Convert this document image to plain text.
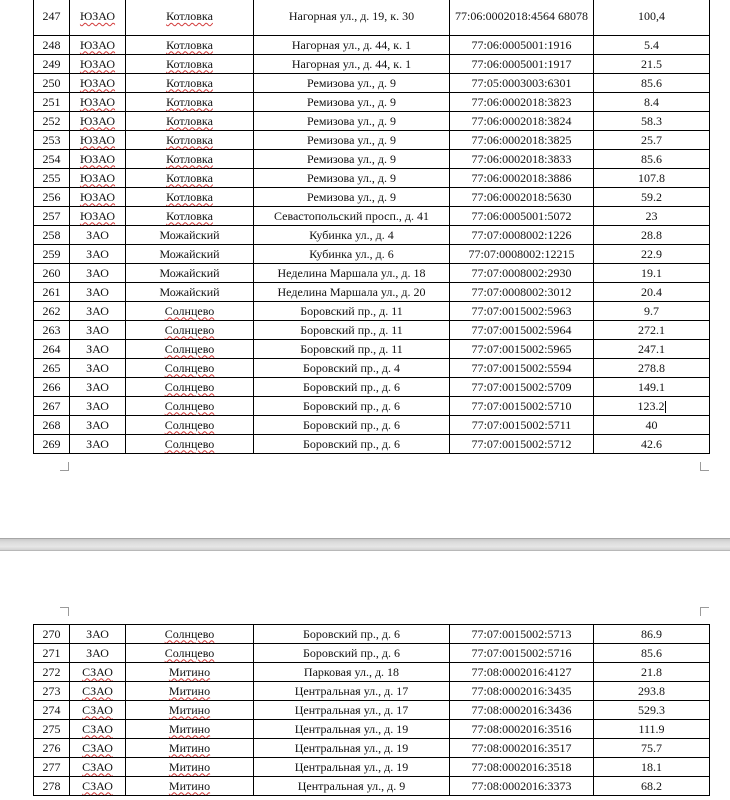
247	ЮЗАО	Котловка	Нагорная ул., д. 19, к. 30	77:06:0002018:4564 68078	100,4
248	ЮЗАО	Котловка	Нагорная ул., д. 44, к. 1	77:06:0005001:1916	5.4
249	ЮЗАО	Котловка	Нагорная ул., д. 44, к. 1	77:06:0005001:1917	21.5
250	ЮЗАО	Котловка	Ремизова ул., д. 9	77:05:0003003:6301	85.6
251	ЮЗАО	Котловка	Ремизова ул., д. 9	77:06:0002018:3823	8.4
252	ЮЗАО	Котловка	Ремизова ул., д. 9	77:06:0002018:3824	58.3
253	ЮЗАО	Котловка	Ремизова ул., д. 9	77:06:0002018:3825	25.7
254	ЮЗАО	Котловка	Ремизова ул., д. 9	77:06:0002018:3833	85.6
255	ЮЗАО	Котловка	Ремизова ул., д. 9	77:06:0002018:3886	107.8
256	ЮЗАО	Котловка	Ремизова ул., д. 9	77:06:0002018:5630	59.2
257	ЮЗАО	Котловка	Севастопольский просп., д. 41	77:06:0005001:5072	23
258	ЗАО	Можайский	Кубинка ул., д. 4	77:07:0008002:1226	28.8
259	ЗАО	Можайский	Кубинка ул., д. 6	77:07:0008002:12215	22.9
260	ЗАО	Можайский	Неделина Маршала ул., д. 18	77:07:0008002:2930	19.1
261	ЗАО	Можайский	Неделина Маршала ул., д. 20	77:07:0008002:3012	20.4
262	ЗАО	Солнцево	Боровский пр., д. 11	77:07:0015002:5963	9.7
263	ЗАО	Солнцево	Боровский пр., д. 11	77:07:0015002:5964	272.1
264	ЗАО	Солнцево	Боровский пр., д. 11	77:07:0015002:5965	247.1
265	ЗАО	Солнцево	Боровский пр., д. 4	77:07:0015002:5594	278.8
266	ЗАО	Солнцево	Боровский пр., д. 6	77:07:0015002:5709	149.1
267	ЗАО	Солнцево	Боровский пр., д. 6	77:07:0015002:5710	123.2
268	ЗАО	Солнцево	Боровский пр., д. 6	77:07:0015002:5711	40
269	ЗАО	Солнцево	Боровский пр., д. 6	77:07:0015002:5712	42.6
270	ЗАО	Солнцево	Боровский пр., д. 6	77:07:0015002:5713	86.9
271	ЗАО	Солнцево	Боровский пр., д. 6	77:07:0015002:5716	85.6
272	СЗАО	Митино	Парковая ул., д. 18	77:08:0002016:4127	21.8
273	СЗАО	Митино	Центральная ул., д. 17	77:08:0002016:3435	293.8
274	СЗАО	Митино	Центральная ул., д. 17	77:08:0002016:3436	529.3
275	СЗАО	Митино	Центральная ул., д. 19	77:08:0002016:3516	111.9
276	СЗАО	Митино	Центральная ул., д. 19	77:08:0002016:3517	75.7
277	СЗАО	Митино	Центральная ул., д. 19	77:08:0002016:3518	18.1
278	СЗАО	Митино	Центральная ул., д. 9	77:08:0002016:3373	68.2
